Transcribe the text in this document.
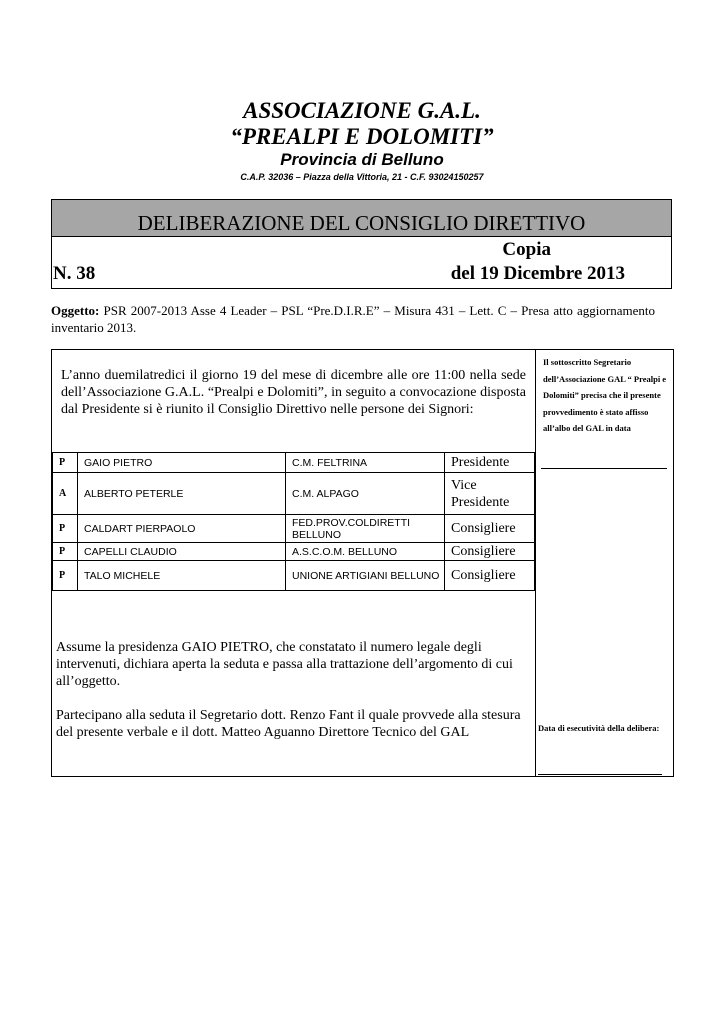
ASSOCIAZIONE G.A.L.
“PREALPI E DOLOMITI”
Provincia di Belluno
C.A.P. 32036 – Piazza della Vittoria, 21 - C.F. 93024150257
DELIBERAZIONE DEL CONSIGLIO DIRETTIVO
Copia
N. 38	del 19 Dicembre 2013
Oggetto: PSR 2007-2013 Asse 4 Leader – PSL “Pre.D.I.R.E” – Misura 431 – Lett. C – Presa atto aggiornamento inventario 2013.
L’anno duemilatredici il giorno 19 del mese di dicembre alle ore 11:00 nella sede dell’Associazione G.A.L. “Prealpi e Dolomiti”, in seguito a convocazione disposta dal Presidente si è riunito il Consiglio Direttivo nelle persone dei Signori:
P	GAIO PIETRO	C.M. FELTRINA	Presidente
A	ALBERTO PETERLE	C.M. ALPAGO	Vice Presidente
P	CALDART PIERPAOLO	FED.PROV.COLDIRETTI BELLUNO	Consigliere
P	CAPELLI CLAUDIO	A.S.C.O.M. BELLUNO	Consigliere
P	TALO MICHELE	UNIONE ARTIGIANI BELLUNO	Consigliere
Assume la presidenza GAIO PIETRO, che constatato il numero legale degli intervenuti, dichiara aperta la seduta e passa alla trattazione dell’argomento di cui all’oggetto.
Partecipano alla seduta il Segretario dott. Renzo Fant il quale provvede alla stesura del presente verbale e il dott. Matteo Aguanno Direttore Tecnico del GAL
Il sottoscritto Segretario dell’Associazione GAL “ Prealpi e Dolomiti” precisa che il presente provvedimento è stato affisso all’albo del GAL in data
Data di esecutività della delibera:
